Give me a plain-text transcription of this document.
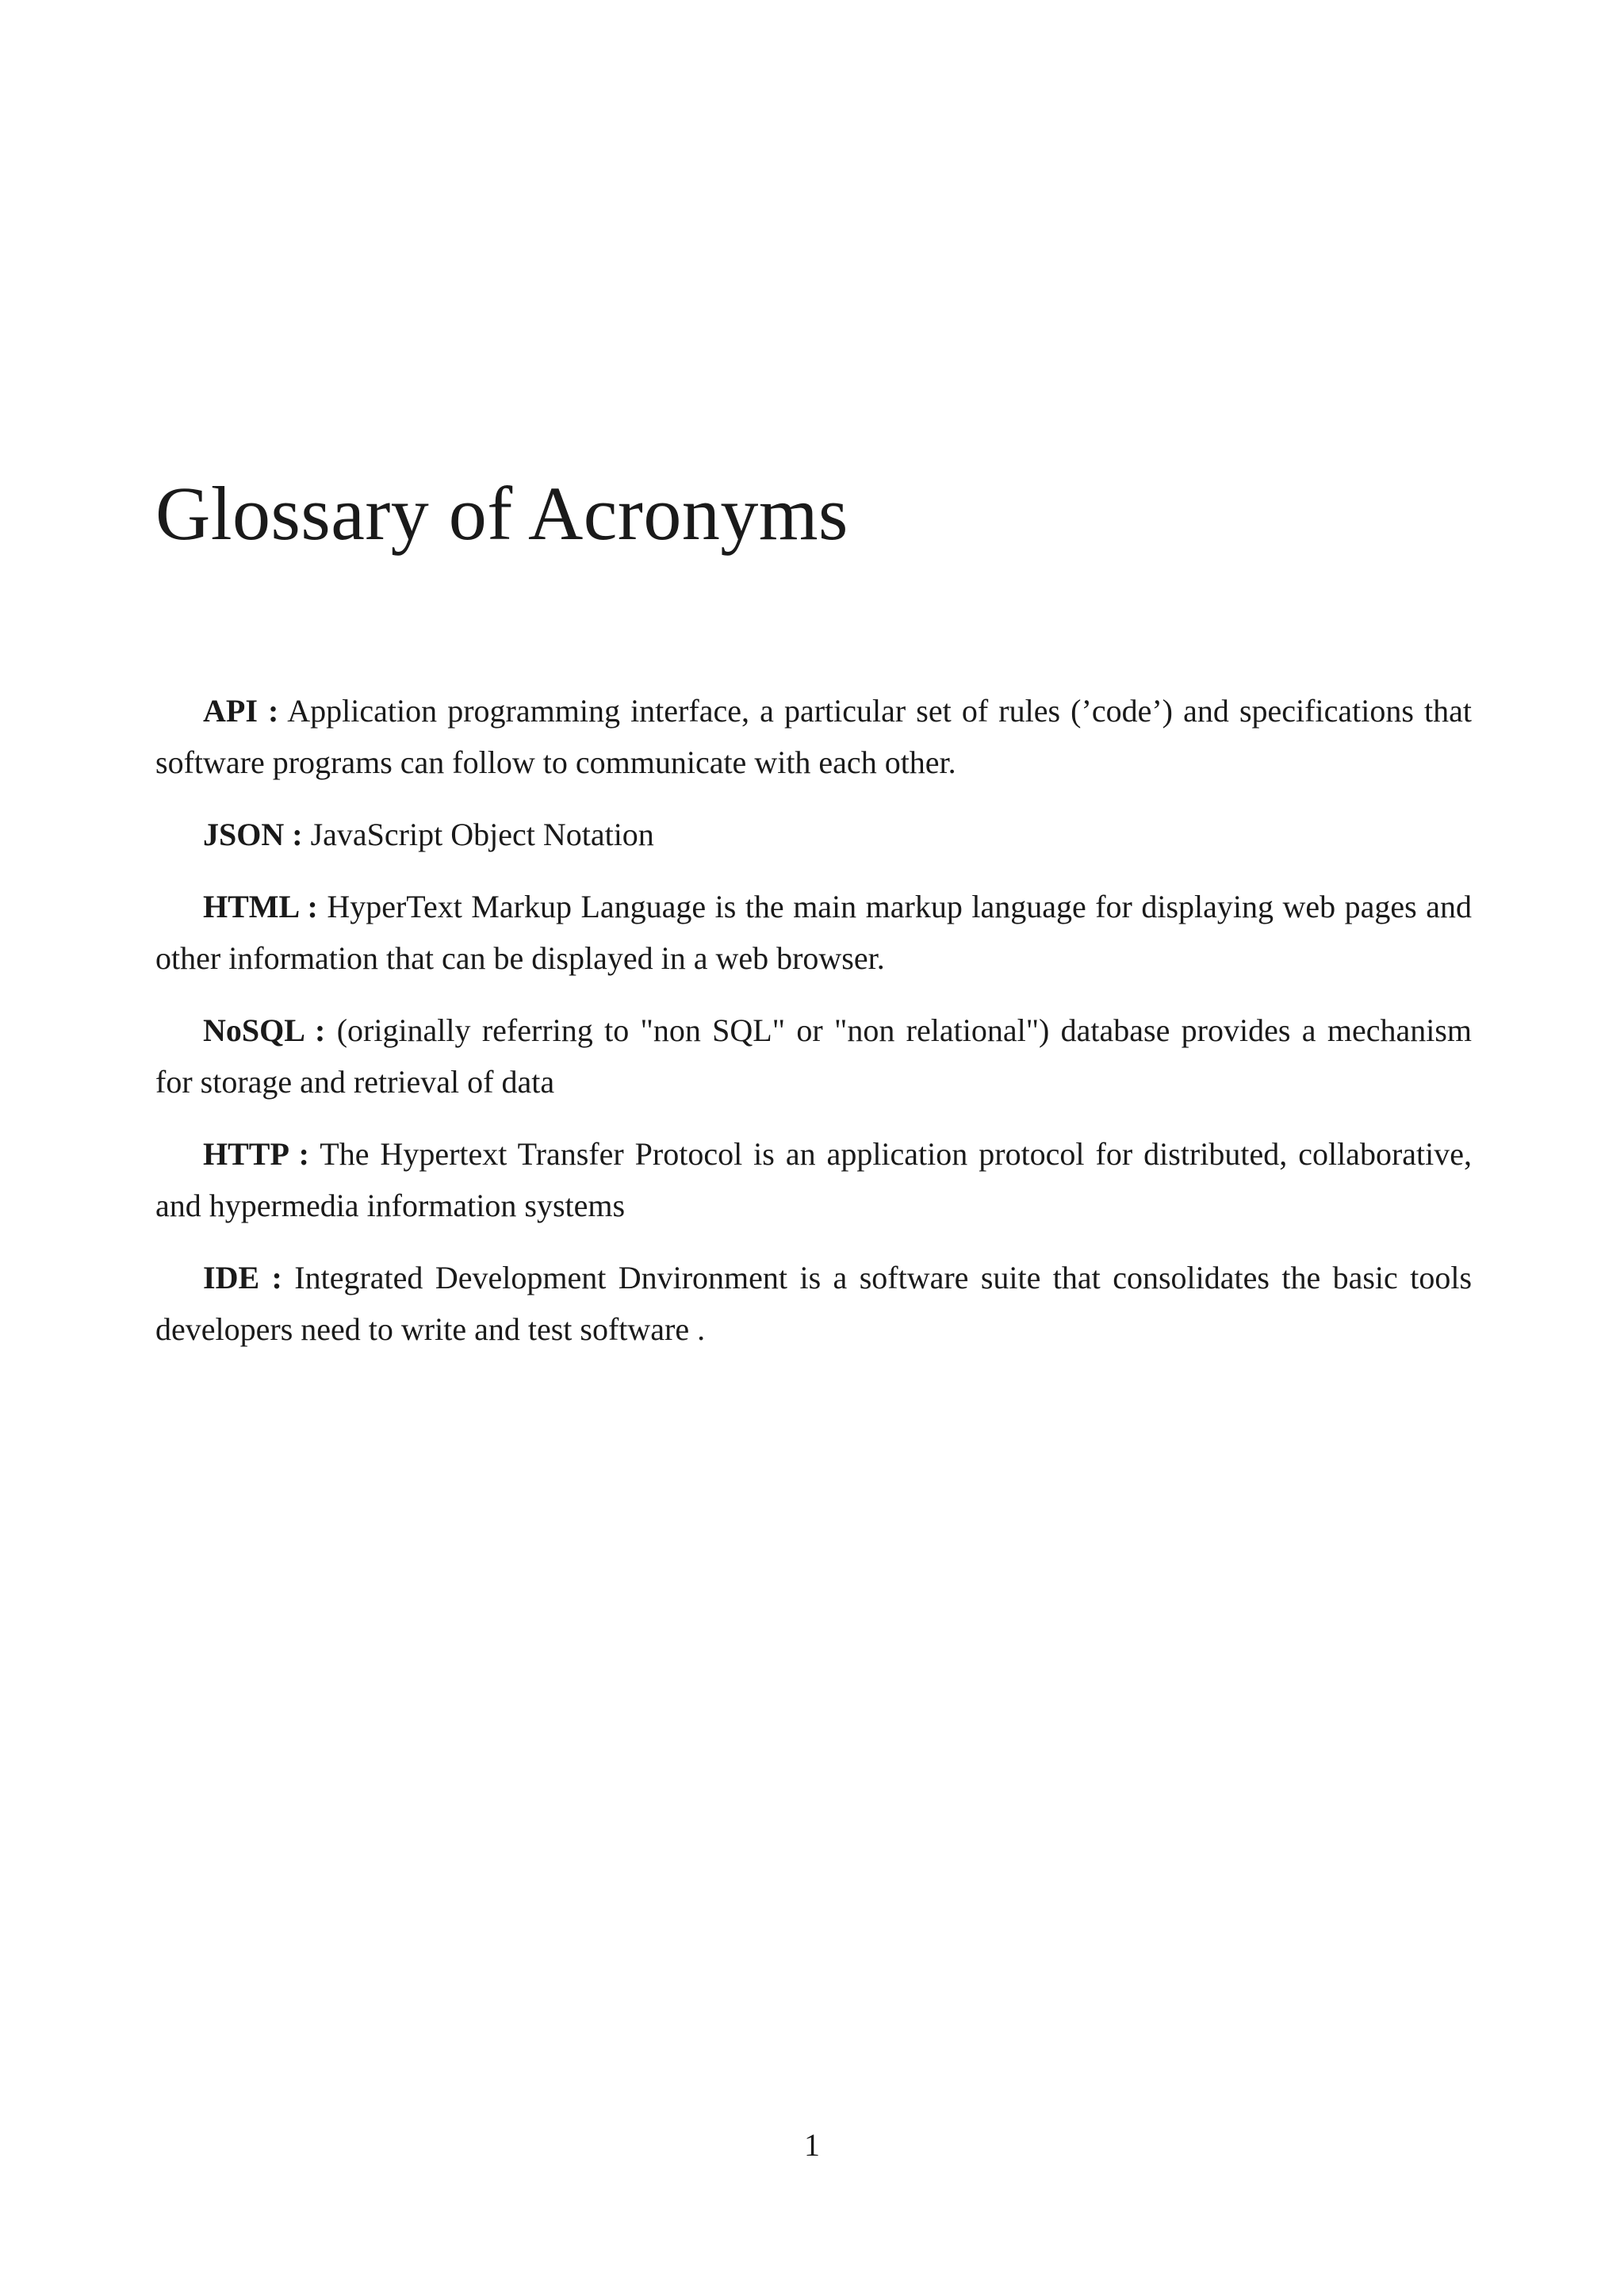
Glossary of Acronyms

API : Application programming interface, a particular set of rules (’code’) and specifications that software programs can follow to communicate with each other.

JSON : JavaScript Object Notation

HTML : HyperText Markup Language is the main markup language for displaying web pages and other information that can be displayed in a web browser.

NoSQL : (originally referring to "non SQL" or "non relational") database provides a mechanism for storage and retrieval of data

HTTP : The Hypertext Transfer Protocol is an application protocol for distributed, collaborative, and hypermedia information systems

IDE : Integrated Development Dnvironment is a software suite that consolidates the basic tools developers need to write and test software .

1
